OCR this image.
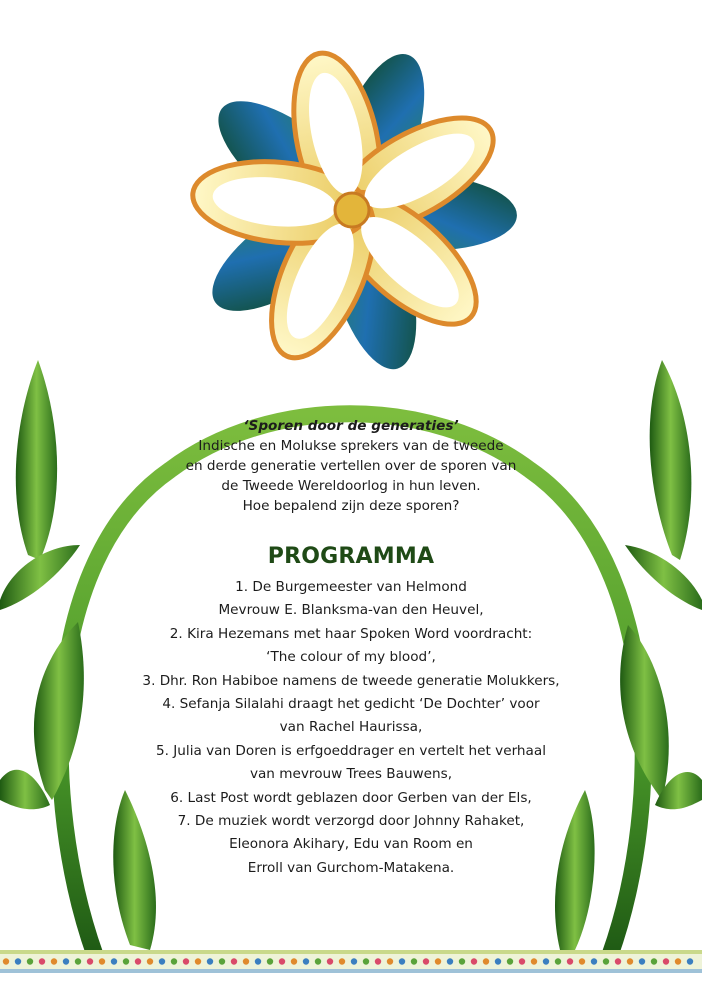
‘Sporen door de generaties’
Indische en Molukse sprekers van de tweede
en derde generatie vertellen over de sporen van
de Tweede Wereldoorlog in hun leven.
Hoe bepalend zijn deze sporen?
PROGRAMMA
1. De Burgemeester van Helmond
Mevrouw E. Blanksma-van den Heuvel,
2. Kira Hezemans met haar Spoken Word voordracht:
‘The colour of my blood’,
3. Dhr. Ron Habiboe namens de tweede generatie Molukkers,
4. Sefanja Silalahi draagt het gedicht ‘De Dochter’ voor
van Rachel Haurissa,
5. Julia van Doren is erfgoeddrager en vertelt het verhaal
van mevrouw Trees Bauwens,
6. Last Post wordt geblazen door Gerben van der Els,
7. De muziek wordt verzorgd door Johnny Rahaket,
Eleonora Akihary, Edu van Room en
Erroll van Gurchom-Matakena.
